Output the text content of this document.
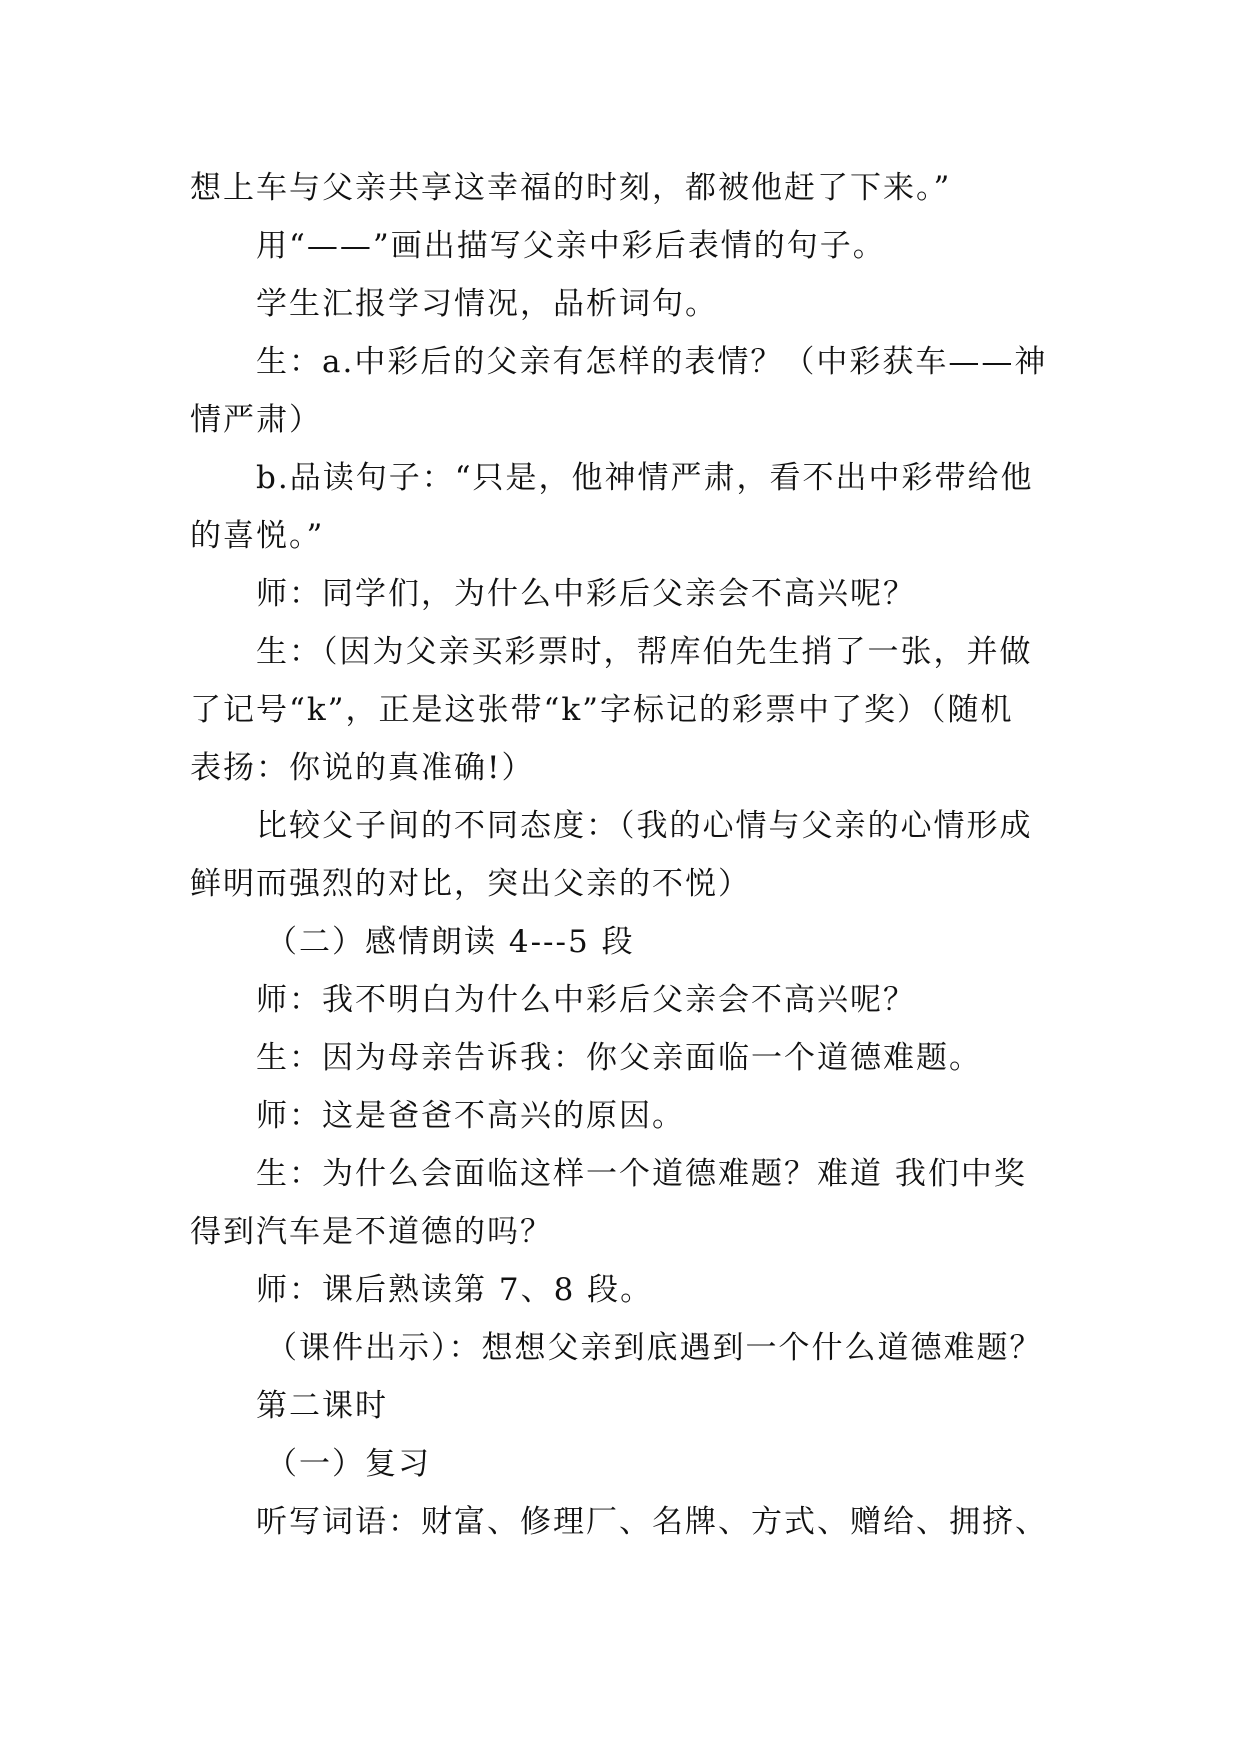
想上车与父亲共享这幸福的时刻，都被他赶了下来。”
用“——”画出描写父亲中彩后表情的句子。
学生汇报学习情况，品析词句。
生：a.中彩后的父亲有怎样的表情？（中彩获车——神
情严肃）
b.品读句子：“只是，他神情严肃，看不出中彩带给他
的喜悦。”
师：同学们，为什么中彩后父亲会不高兴呢？
生：（因为父亲买彩票时，帮库伯先生捎了一张，并做
了记号“k”，正是这张带“k”字标记的彩票中了奖）（随机
表扬：你说的真准确!）
比较父子间的不同态度：（我的心情与父亲的心情形成
鲜明而强烈的对比，突出父亲的不悦）
（二）感情朗读 4---5 段
师：我不明白为什么中彩后父亲会不高兴呢？
生：因为母亲告诉我：你父亲面临一个道德难题。
师：这是爸爸不高兴的原因。
生：为什么会面临这样一个道德难题？难道 我们中奖
得到汽车是不道德的吗？
师：课后熟读第 7、8 段。
（课件出示）：想想父亲到底遇到一个什么道德难题？
第二课时
（一）复习
听写词语：财富、修理厂、名牌、方式、赠给、拥挤、
